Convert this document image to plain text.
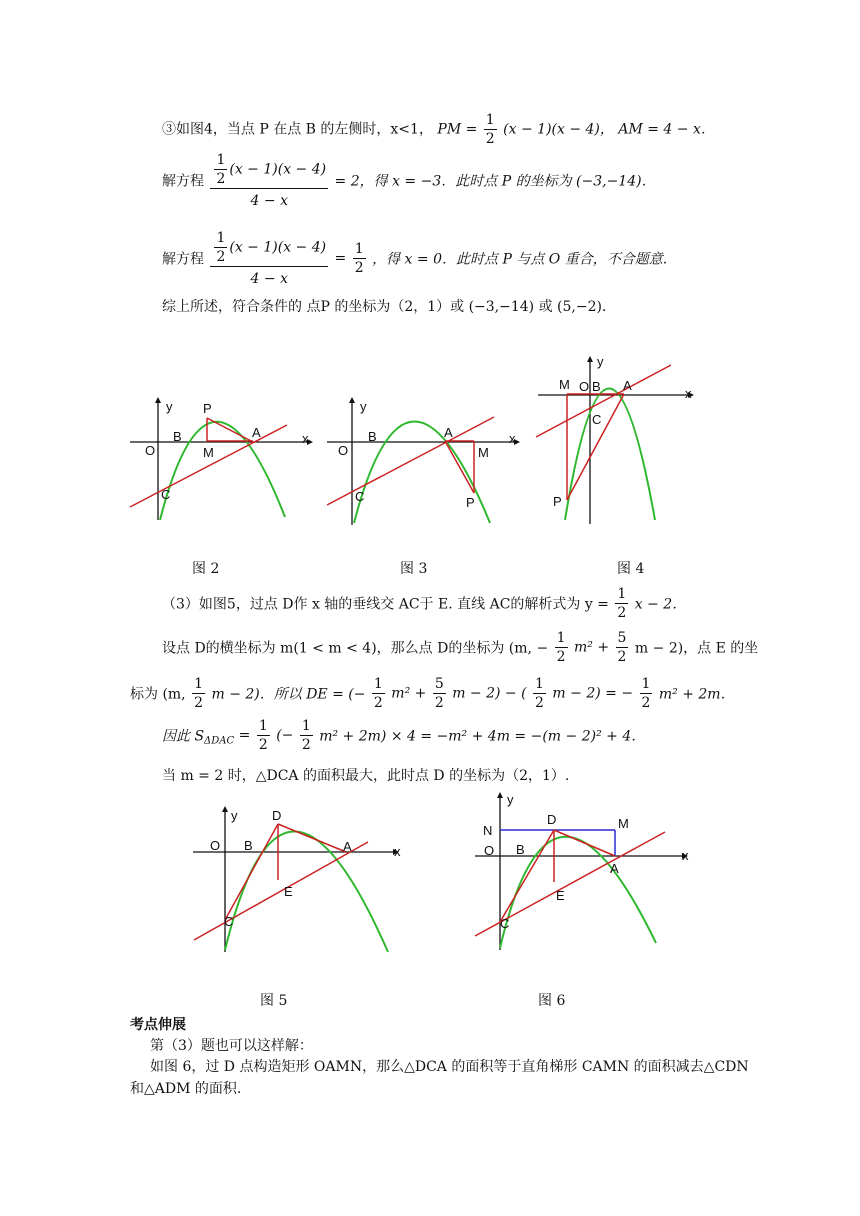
③如图4，当点 P 在点 B 的左侧时，x<1， PM = $\frac{1}{2} (x - 1)(x - 4)$， AM = 4 − x．
解方程 $\frac{\frac{1}{2} (x - 1)(x - 4)}{4 - x} = 2$，得 x = −3．此时点 P 的坐标为 (−3,−14)．
解方程 $\frac{\frac{1}{2} (x - 1)(x - 4)}{4 - x} = \frac{1}{2}$ ，得 x = 0．此时点 P 与点 O 重合，不合题意.
综上所述，符合条件的 点P 的坐标为（2，1）或 (−3,−14) 或 (5,−2)．
y
x
O
B	A
C
P
M
y
x
O
B	A
C	P
M
y
x
O B A
C
P
M
图 2	图 3	图 4
（3）如图5，过点 D作 x 轴的垂线交 AC于 E. 直线 AC的解析式为 $y = \frac{1}{2}$ x − 2．
设点 D的横坐标为 m(1 < m < 4)，那么点 D的坐标为 (m, − $\frac{1}{2} m^2 + \frac{5}{2}$ m − 2)，点 E 的坐
标为 (m, $\frac{1}{2}$ m − 2)．所以 DE = (− $\frac{1}{2} m^2 + \frac{5}{2}$ m − 2) − ( $\frac{1}{2}$ m − 2) = − $\frac{1}{2} m^2 + 2m$．
因此 $S_{\Delta DAC} = \frac{1}{2}$ (− $\frac{1}{2} m^2 + 2m) \times 4 = -m^2 + 4m = -(m - 2)^2 + 4$．
当 m = 2 时，△DCA 的面积最大，此时点 D 的坐标为（2，1）.
y
x
O B	A
C
D
E
y
x
O B
A
C
D
E
N	M
图 5	图 6
考点伸展
第（3）题也可以这样解：
如图 6，过 D 点构造矩形 OAMN，那么△DCA 的面积等于直角梯形 CAMN 的面积减去△CDN
和△ADM 的面积.
